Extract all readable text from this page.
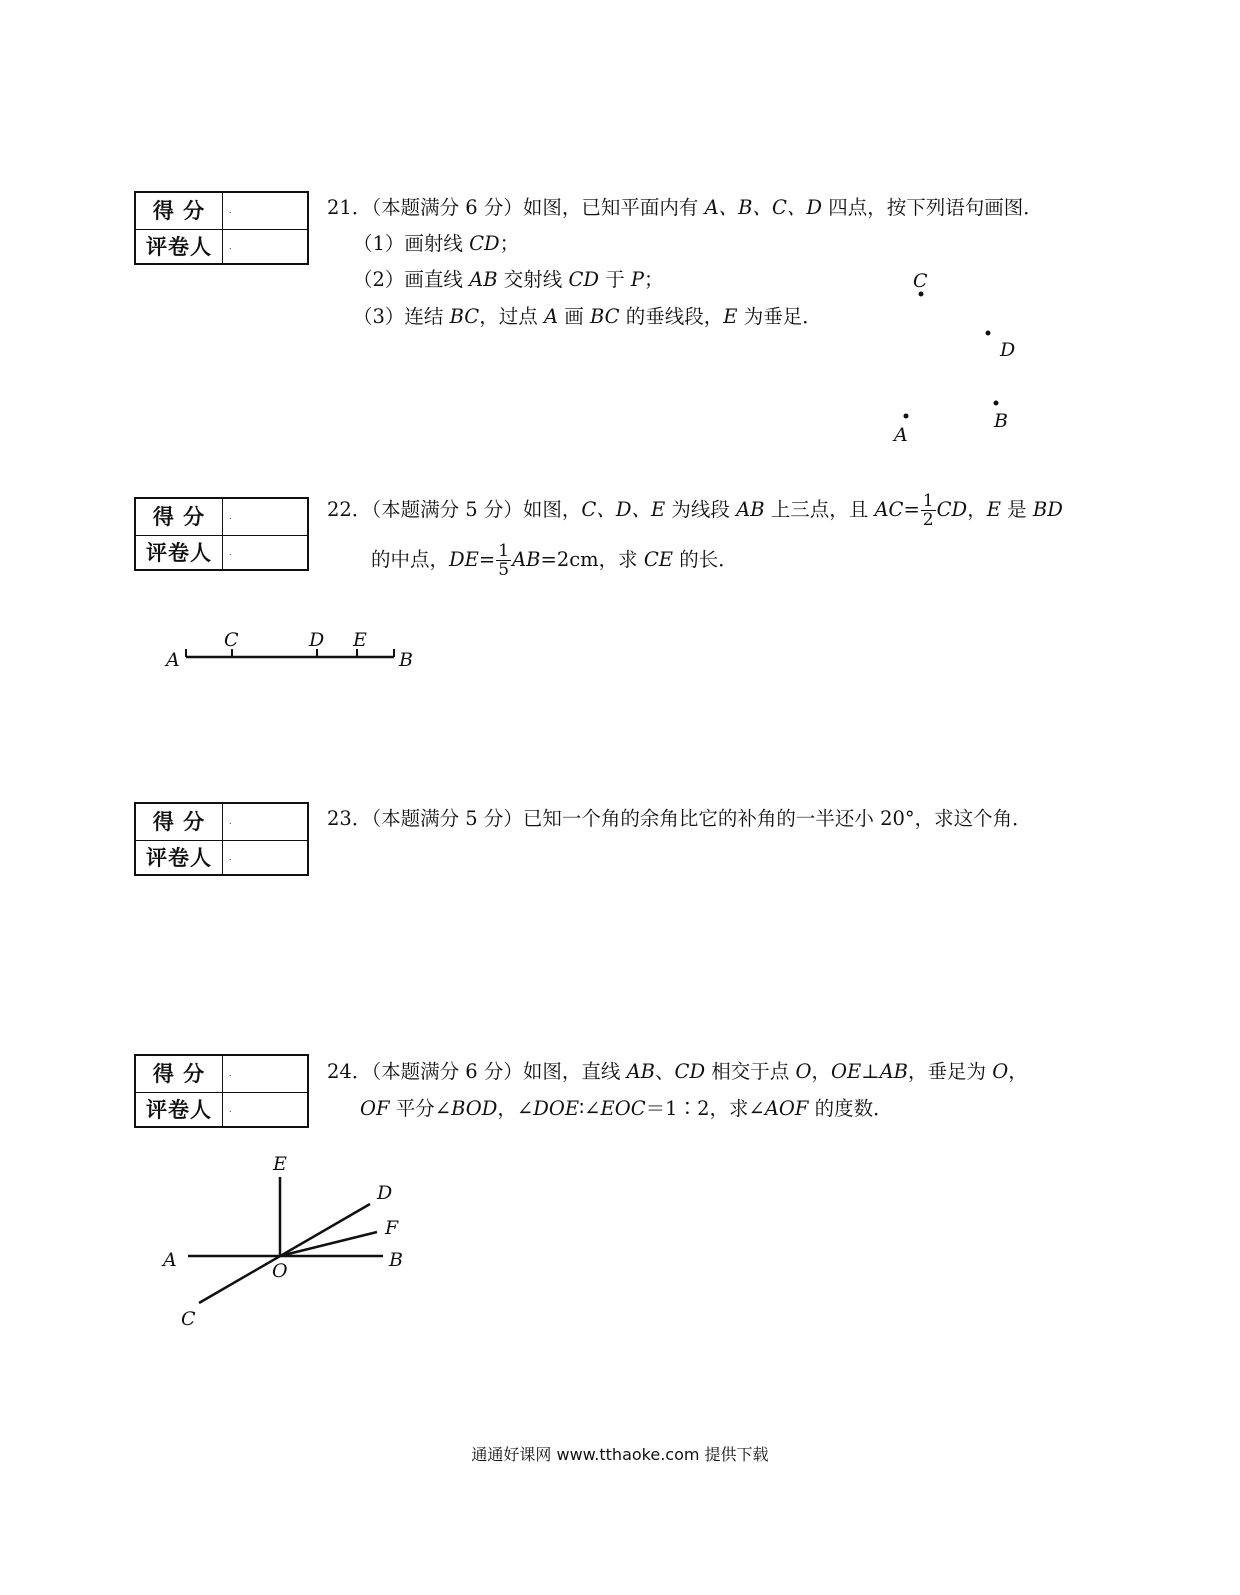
得 分	.
评卷人	.
21．（本题满分 6 分）如图，已知平面内有 A、B、C、D 四点，按下列语句画图．
（1）画射线 CD；
（2）画直线 AB 交射线 CD 于 P；
（3）连结 BC，过点 A 画 BC 的垂线段，E 为垂足．
C
D
A
B
得 分	.
评卷人	.
22．（本题满分 5 分）如图，C、D、E 为线段 AB 上三点，且 $AC= \frac{1}{2}$ CD，E 是 BD
的中点，$DE= \frac{1}{5} AB=2cm$，求 CE 的长．
A
C	D E
B
得 分	.
评卷人	.
23．（本题满分 5 分）已知一个角的余角比它的补角的一半还小 20°，求这个角．
得 分	.
评卷人	.
24．（本题满分 6 分）如图，直线 AB、CD 相交于点 O，OE⊥AB，垂足为 O，
OF 平分∠BOD，∠DOE∶∠EOC＝1∶2，求∠AOF 的度数．
E
D
F
A	O	B
C
通通好课网 www.tthaoke.com 提供下载
